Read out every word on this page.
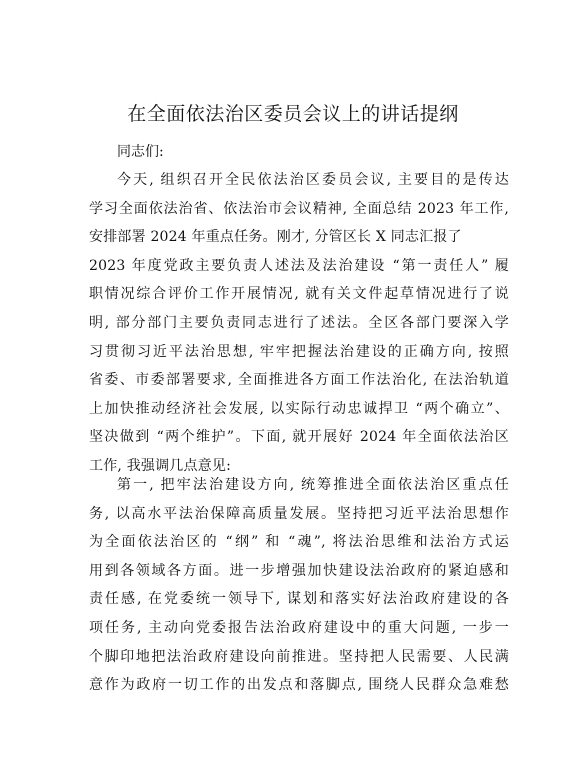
在全面依法治区委员会议上的讲话提纲

同志们:

今天, 组织召开全民依法治区委员会议, 主要目的是传达
学习全面依法治省、依法治市会议精神, 全面总结 2023 年工作,
安排部署 2024 年重点任务。刚才, 分管区长 X 同志汇报了
2023 年度党政主要负责人述法及法治建设 “第一责任人” 履
职情况综合评价工作开展情况, 就有关文件起草情况进行了说
明, 部分部门主要负责同志进行了述法。全区各部门要深入学
习贯彻习近平法治思想, 牢牢把握法治建设的正确方向, 按照
省委、市委部署要求, 全面推进各方面工作法治化, 在法治轨道
上加快推动经济社会发展, 以实际行动忠诚捍卫 “两个确立”、
坚决做到 “两个维护”。下面, 就开展好 2024 年全面依法治区
工作, 我强调几点意见:
第一, 把牢法治建设方向, 统筹推进全面依法治区重点任
务, 以高水平法治保障高质量发展。坚持把习近平法治思想作
为全面依法治区的 “纲” 和 “魂”, 将法治思维和法治方式运
用到各领域各方面。进一步增强加快建设法治政府的紧迫感和
责任感, 在党委统一领导下, 谋划和落实好法治政府建设的各
项任务, 主动向党委报告法治政府建设中的重大问题, 一步一
个脚印地把法治政府建设向前推进。坚持把人民需要、人民满
意作为政府一切工作的出发点和落脚点, 围绕人民群众急难愁
